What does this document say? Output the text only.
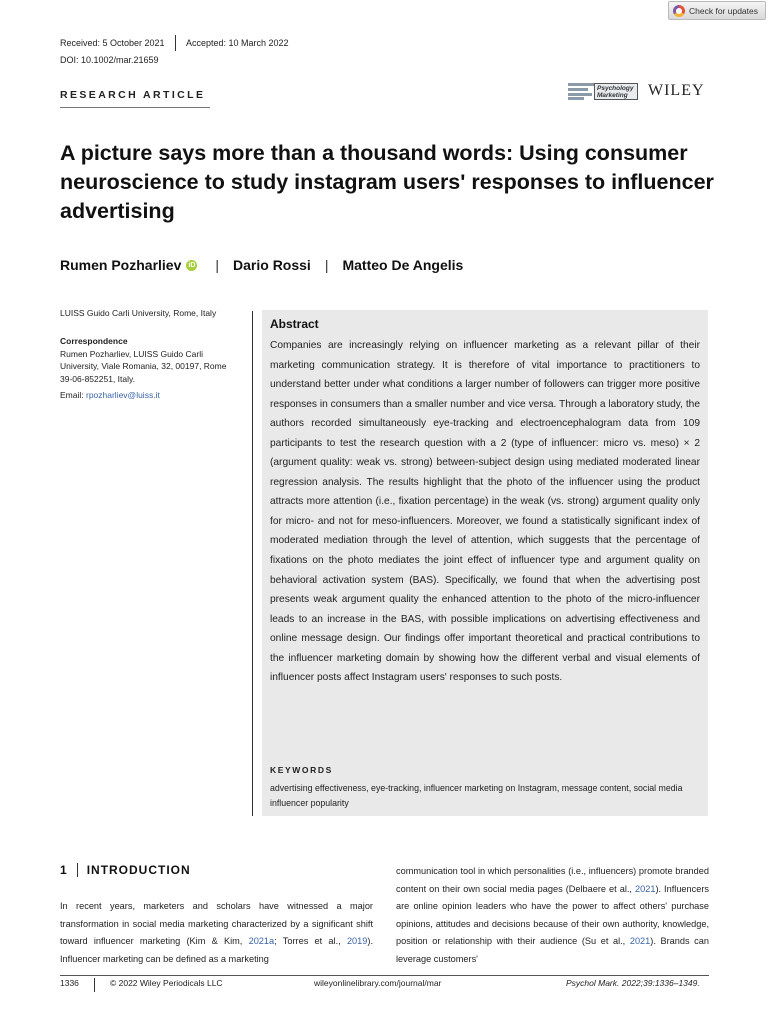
Check for updates
Received: 5 October 2021 Accepted: 10 March 2022
DOI: 10.1002/mar.21659
RESEARCH ARTICLE
Psychology Marketing	WILEY
A picture says more than a thousand words: Using consumer neuroscience to study instagram users' responses to influencer advertising
Rumen Pozharliev iD | Dario Rossi | Matteo De Angelis
LUISS Guido Carli University, Rome, Italy
Correspondence
Rumen Pozharliev, LUISS Guido Carli University, Viale Romania, 32, 00197, Rome 39-06-852251, Italy.
Email: rpozharliev@luiss.it
Abstract

Companies are increasingly relying on influencer marketing as a relevant pillar of their marketing communication strategy. It is therefore of vital importance to practitioners to understand better under what conditions a larger number of followers can trigger more positive responses in consumers than a smaller number and vice versa. Through a laboratory study, the authors recorded simultaneously eye-tracking and electroencephalogram data from 109 participants to test the research question with a 2 (type of influencer: micro vs. meso) × 2 (argument quality: weak vs. strong) between-subject design using mediated moderated linear regression analysis. The results highlight that the photo of the influencer using the product attracts more attention (i.e., fixation percentage) in the weak (vs. strong) argument quality only for micro- and not for meso-influencers. Moreover, we found a statistically significant index of moderated mediation through the level of attention, which suggests that the percentage of fixations on the photo mediates the joint effect of influencer type and argument quality on behavioral activation system (BAS). Specifically, we found that when the advertising post presents weak argument quality the enhanced attention to the photo of the micro-influencer leads to an increase in the BAS, with possible implications on advertising effectiveness and online message design. Our findings offer important theoretical and practical contributions to the influencer marketing domain by showing how the different verbal and visual elements of influencer posts affect Instagram users' responses to such posts.

KEYWORDS
advertising effectiveness, eye-tracking, influencer marketing on Instagram, message content, social media influencer popularity
1 INTRODUCTION

In recent years, marketers and scholars have witnessed a major transformation in social media marketing characterized by a significant shift toward influencer marketing (Kim & Kim, 2021a; Torres et al., 2019). Influencer marketing can be defined as a marketing

communication tool in which personalities (i.e., influencers) promote branded content on their own social media pages (Delbaere et al., 2021). Influencers are online opinion leaders who have the power to affect others' purchase opinions, attitudes and decisions because of their own authority, knowledge, position or relationship with their audience (Su et al., 2021). Brands can leverage customers'

1336	© 2022 Wiley Periodicals LLC	wileyonlinelibrary.com/journal/mar	Psychol Mark. 2022;39:1336–1349.
